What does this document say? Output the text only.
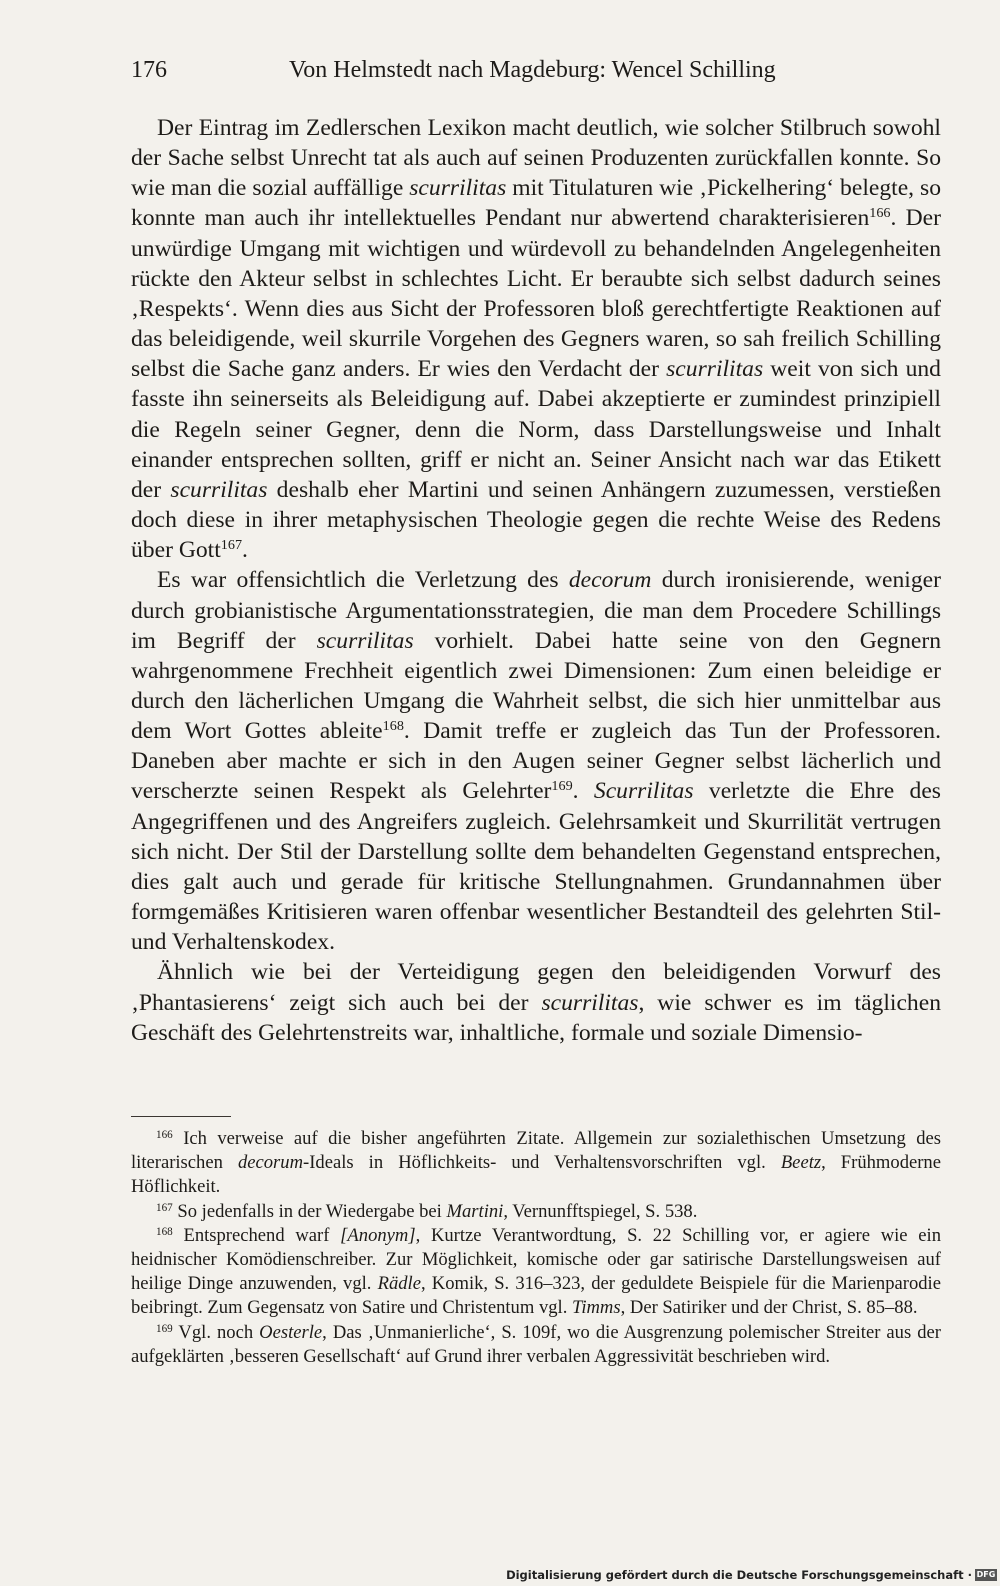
176	Von Helmstedt nach Magdeburg: Wencel Schilling

Der Eintrag im Zedlerschen Lexikon macht deutlich, wie solcher Stilbruch sowohl der Sache selbst Unrecht tat als auch auf seinen Produzenten zurückfallen konnte. So wie man die sozial auffällige scurrilitas mit Titulaturen wie ‚Pickelhering‘ belegte, so konnte man auch ihr intellektuelles Pendant nur abwertend charakterisieren$^{166}$. Der unwürdige Umgang mit wichtigen und würdevoll zu behandelnden Angelegenheiten rückte den Akteur selbst in schlechtes Licht. Er beraubte sich selbst dadurch seines ‚Respekts‘. Wenn dies aus Sicht der Professoren bloß gerechtfertigte Reaktionen auf das beleidigende, weil skurrile Vorgehen des Gegners waren, so sah freilich Schilling selbst die Sache ganz anders. Er wies den Verdacht der scurrilitas weit von sich und fasste ihn seinerseits als Beleidigung auf. Dabei akzeptierte er zumindest prinzipiell die Regeln seiner Gegner, denn die Norm, dass Darstellungsweise und Inhalt einander entsprechen sollten, griff er nicht an. Seiner Ansicht nach war das Etikett der scurrilitas deshalb eher Martini und seinen Anhängern zuzumessen, verstießen doch diese in ihrer metaphysischen Theologie gegen die rechte Weise des Redens über Gott$^{167}$.

Es war offensichtlich die Verletzung des decorum durch ironisierende, weniger durch grobianistische Argumentationsstrategien, die man dem Procedere Schillings im Begriff der scurrilitas vorhielt. Dabei hatte seine von den Gegnern wahrgenommene Frechheit eigentlich zwei Dimensionen: Zum einen beleidige er durch den lächerlichen Umgang die Wahrheit selbst, die sich hier unmittelbar aus dem Wort Gottes ableite$^{168}$. Damit treffe er zugleich das Tun der Professoren. Daneben aber machte er sich in den Augen seiner Gegner selbst lächerlich und verscherzte seinen Respekt als Gelehrter$^{169}$. Scurrilitas verletzte die Ehre des Angegriffenen und des Angreifers zugleich. Gelehrsamkeit und Skurrilität vertrugen sich nicht. Der Stil der Darstellung sollte dem behandelten Gegenstand entsprechen, dies galt auch und gerade für kritische Stellungnahmen. Grundannahmen über formgemäßes Kritisieren waren offenbar wesentlicher Bestandteil des gelehrten Stil- und Verhaltenskodex.

Ähnlich wie bei der Verteidigung gegen den beleidigenden Vorwurf des ‚Phantasierens‘ zeigt sich auch bei der scurrilitas, wie schwer es im täglichen Geschäft des Gelehrtenstreits war, inhaltliche, formale und soziale Dimensio-

$^{166}$ Ich verweise auf die bisher angeführten Zitate. Allgemein zur sozialethischen Umsetzung des literarischen decorum-Ideals in Höflichkeits- und Verhaltensvorschriften vgl. Beetz, Frühmoderne Höflichkeit.

$^{167}$ So jedenfalls in der Wiedergabe bei Martini, Vernunfftspiegel, S. 538.

$^{168}$ Entsprechend warf [Anonym], Kurtze Verantwordtung, S. 22 Schilling vor, er agiere wie ein heidnischer Komödienschreiber. Zur Möglichkeit, komische oder gar satirische Darstellungsweisen auf heilige Dinge anzuwenden, vgl. Rädle, Komik, S. 316–323, der geduldete Beispiele für die Marienparodie beibringt. Zum Gegensatz von Satire und Christentum vgl. Timms, Der Satiriker und der Christ, S. 85–88.

$^{169}$ Vgl. noch Oesterle, Das ‚Unmanierliche‘, S. 109f, wo die Ausgrenzung polemischer Streiter aus der aufgeklärten ‚besseren Gesellschaft‘ auf Grund ihrer verbalen Aggressivität beschrieben wird.

Digitalisierung gefördert durch die Deutsche Forschungsgemeinschaft · DFG
